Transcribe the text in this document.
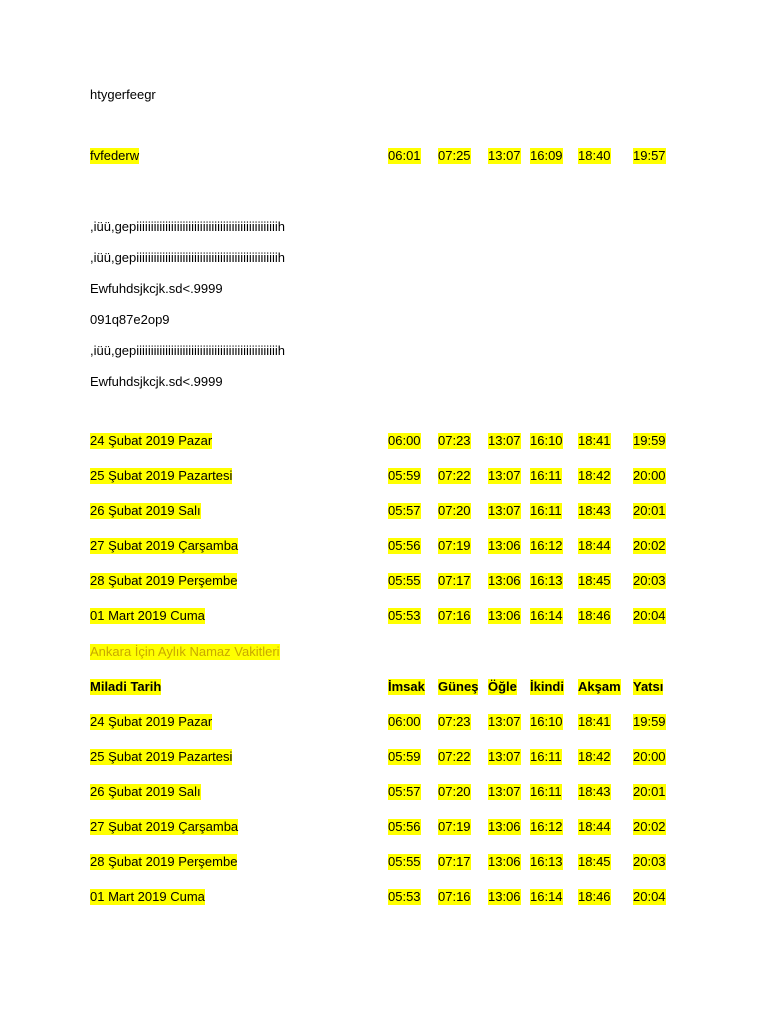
htygerfeegr
fvfederw	06:01 07:25 13:07 16:09 18:40 19:57
,iüü,gepiiiiiiiiiiiiiiiiiiiiiiiiiiiiiiiiiiiiiiiiiiiiiiiiih
,iüü,gepiiiiiiiiiiiiiiiiiiiiiiiiiiiiiiiiiiiiiiiiiiiiiiiiih
Ewfuhdsjkcjk.sd<.9999
091q87e2op9
,iüü,gepiiiiiiiiiiiiiiiiiiiiiiiiiiiiiiiiiiiiiiiiiiiiiiiiih
Ewfuhdsjkcjk.sd<.9999
24 Şubat 2019 Pazar	06:00 07:23 13:07 16:10 18:41 19:59
25 Şubat 2019 Pazartesi	05:59 07:22 13:07 16:11 18:42 20:00
26 Şubat 2019 Salı	05:57 07:20 13:07 16:11 18:43 20:01
27 Şubat 2019 Çarşamba	05:56 07:19 13:06 16:12 18:44 20:02
28 Şubat 2019 Perşembe	05:55 07:17 13:06 16:13 18:45 20:03
01 Mart 2019 Cuma	05:53 07:16 13:06 16:14 18:46 20:04
Ankara İçin Aylık Namaz Vakitleri
Miladi Tarih	İmsak Güneş Öğle İkindi Akşam Yatsı
24 Şubat 2019 Pazar	06:00 07:23 13:07 16:10 18:41 19:59
25 Şubat 2019 Pazartesi	05:59 07:22 13:07 16:11 18:42 20:00
26 Şubat 2019 Salı	05:57 07:20 13:07 16:11 18:43 20:01
27 Şubat 2019 Çarşamba	05:56 07:19 13:06 16:12 18:44 20:02
28 Şubat 2019 Perşembe	05:55 07:17 13:06 16:13 18:45 20:03
01 Mart 2019 Cuma	05:53 07:16 13:06 16:14 18:46 20:04
